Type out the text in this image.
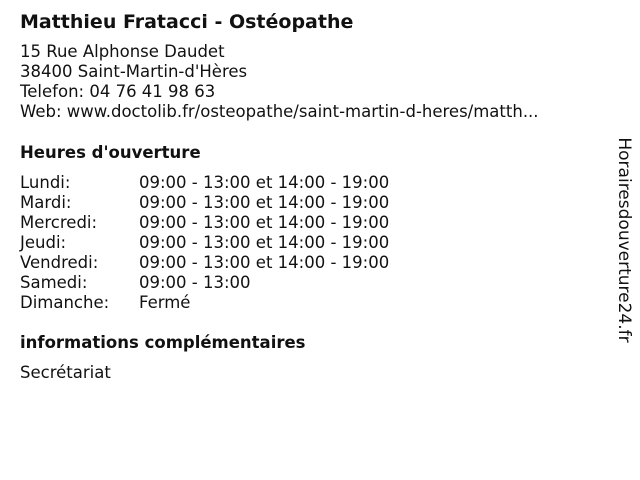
Matthieu Fratacci - Ostéopathe
15 Rue Alphonse Daudet
38400 Saint-Martin-d'Hères
Telefon: 04 76 41 98 63
Web: www.doctolib.fr/osteopathe/saint-martin-d-heres/matth...
Heures d'ouverture
Lundi:	09:00 - 13:00 et 14:00 - 19:00
Mardi:	09:00 - 13:00 et 14:00 - 19:00
Mercredi:	09:00 - 13:00 et 14:00 - 19:00
Jeudi:	09:00 - 13:00 et 14:00 - 19:00
Vendredi:	09:00 - 13:00 et 14:00 - 19:00
Samedi:	09:00 - 13:00
Dimanche:	Fermé
informations complémentaires
Secrétariat
Horairesdouverture24.fr
